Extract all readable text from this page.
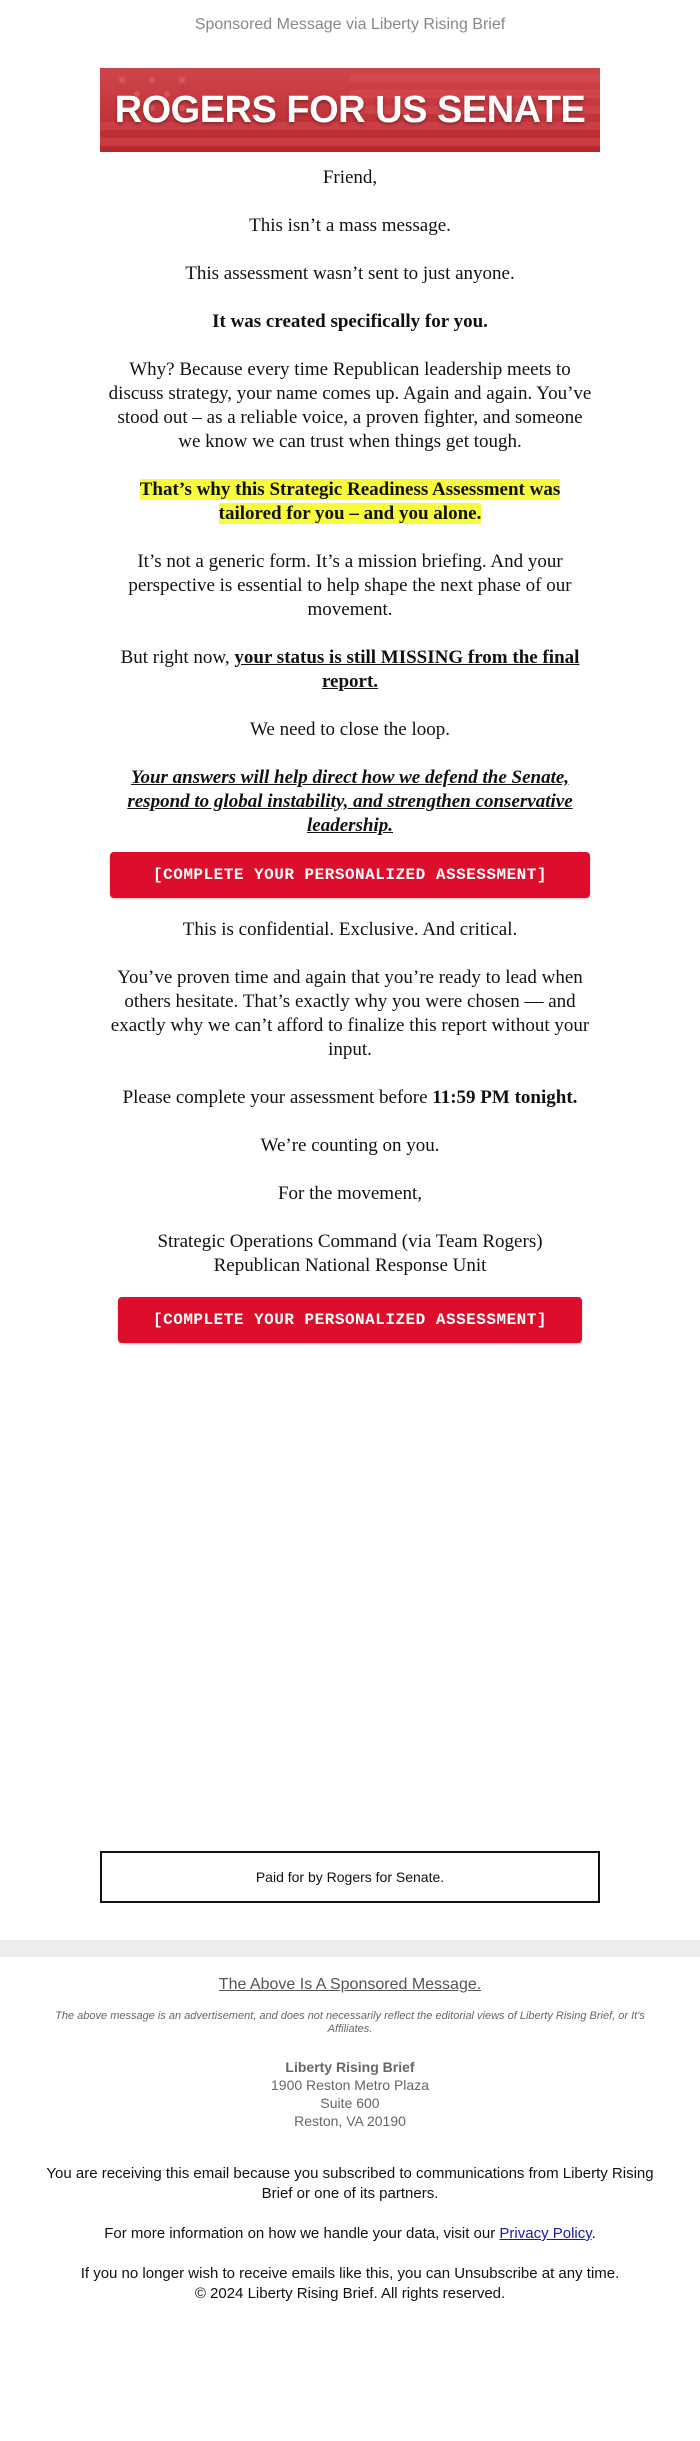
Sponsored Message via Liberty Rising Brief
ROGERS FOR US SENATE

Friend,

This isn’t a mass message.

This assessment wasn’t sent to just anyone.

It was created specifically for you.

Why? Because every time Republican leadership meets to discuss strategy, your name comes up. Again and again. You’ve stood out – as a reliable voice, a proven fighter, and someone we know we can trust when things get tough.

That’s why this Strategic Readiness Assessment was tailored for you – and you alone.

It’s not a generic form. It’s a mission briefing. And your perspective is essential to help shape the next phase of our movement.

But right now, your status is still MISSING from the final report.

We need to close the loop.

Your answers will help direct how we defend the Senate, respond to global instability, and strengthen conservative leadership.

[COMPLETE YOUR PERSONALIZED ASSESSMENT]

This is confidential. Exclusive. And critical.

You’ve proven time and again that you’re ready to lead when others hesitate. That’s exactly why you were chosen — and exactly why we can’t afford to finalize this report without your input.

Please complete your assessment before 11:59 PM tonight.

We’re counting on you.

For the movement,

Strategic Operations Command (via Team Rogers)
Republican National Response Unit

[COMPLETE YOUR PERSONALIZED ASSESSMENT]
Paid for by Rogers for Senate.

The Above Is A Sponsored Message.

The above message is an advertisement, and does not necessarily reflect the editorial views of Liberty Rising Brief, or It's Affiliates.

Liberty Rising Brief
1900 Reston Metro Plaza
Suite 600
Reston, VA 20190

You are receiving this email because you subscribed to communications from Liberty Rising Brief or one of its partners.

For more information on how we handle your data, visit our Privacy Policy.

If you no longer wish to receive emails like this, you can Unsubscribe at any time.
© 2024 Liberty Rising Brief. All rights reserved.
